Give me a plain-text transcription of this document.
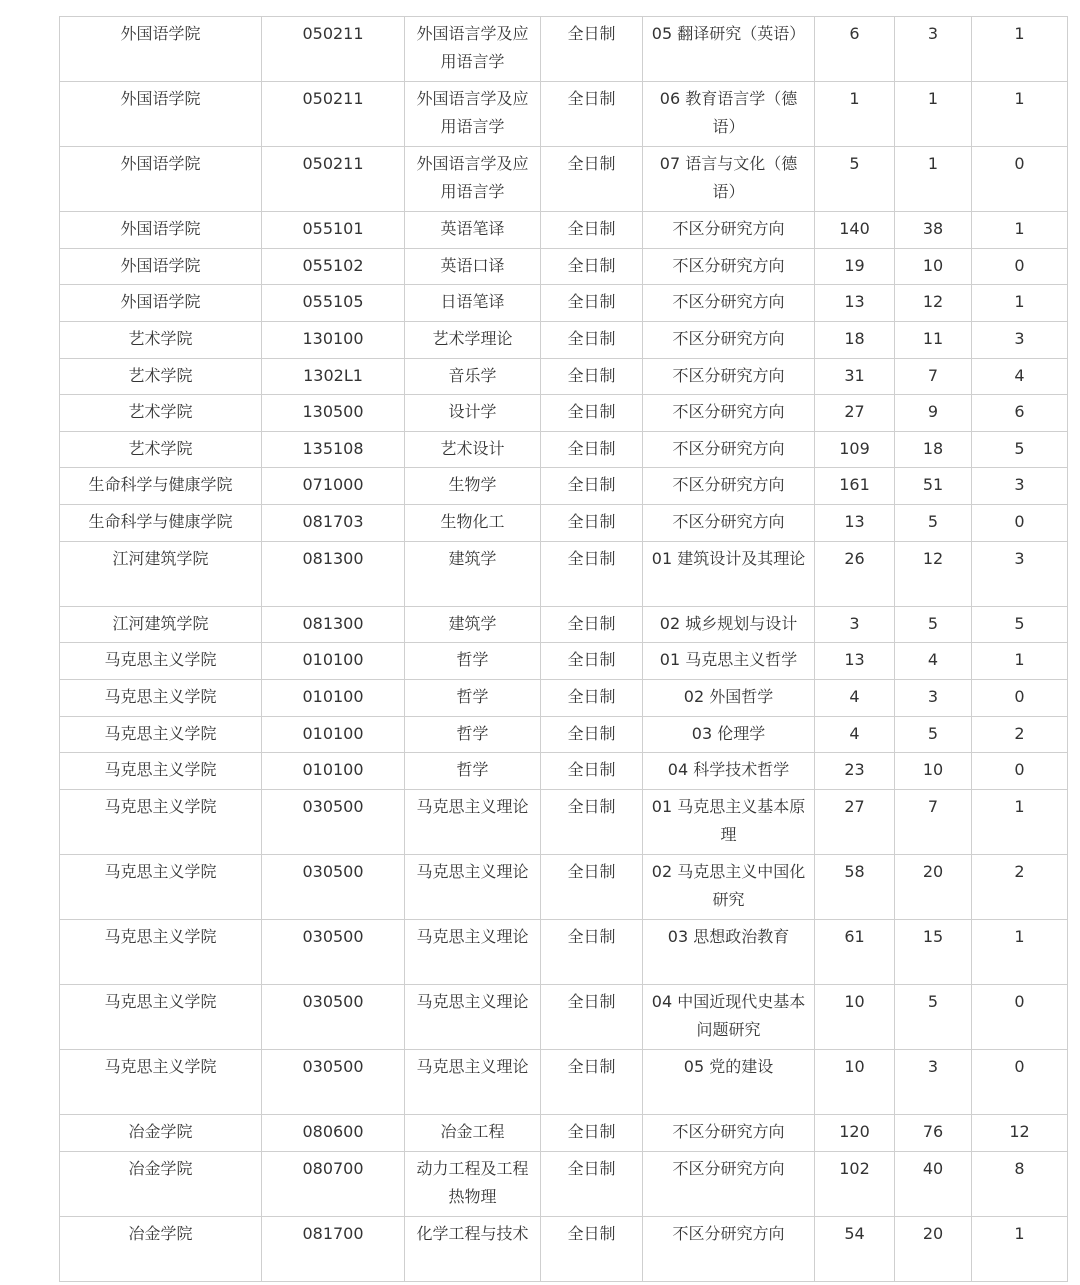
外国语学院	050211	外国语言学及应用语言学	全日制	05 翻译研究（英语）	6	3	1
外国语学院	050211	外国语言学及应用语言学	全日制	06 教育语言学（德语）	1	1	1
外国语学院	050211	外国语言学及应用语言学	全日制	07 语言与文化（德语）	5	1	0
外国语学院	055101	英语笔译	全日制	不区分研究方向	140	38	1
外国语学院	055102	英语口译	全日制	不区分研究方向	19	10	0
外国语学院	055105	日语笔译	全日制	不区分研究方向	13	12	1
艺术学院	130100	艺术学理论	全日制	不区分研究方向	18	11	3
艺术学院	1302L1	音乐学	全日制	不区分研究方向	31	7	4
艺术学院	130500	设计学	全日制	不区分研究方向	27	9	6
艺术学院	135108	艺术设计	全日制	不区分研究方向	109	18	5
生命科学与健康学院	071000	生物学	全日制	不区分研究方向	161	51	3
生命科学与健康学院	081703	生物化工	全日制	不区分研究方向	13	5	0
江河建筑学院	081300	建筑学	全日制	01 建筑设计及其理论	26	12	3
江河建筑学院	081300	建筑学	全日制	02 城乡规划与设计	3	5	5
马克思主义学院	010100	哲学	全日制	01 马克思主义哲学	13	4	1
马克思主义学院	010100	哲学	全日制	02 外国哲学	4	3	0
马克思主义学院	010100	哲学	全日制	03 伦理学	4	5	2
马克思主义学院	010100	哲学	全日制	04 科学技术哲学	23	10	0
马克思主义学院	030500	马克思主义理论	全日制	01 马克思主义基本原理	27	7	1
马克思主义学院	030500	马克思主义理论	全日制	02 马克思主义中国化研究	58	20	2
马克思主义学院	030500	马克思主义理论	全日制	03 思想政治教育	61	15	1
马克思主义学院	030500	马克思主义理论	全日制	04 中国近现代史基本问题研究	10	5	0
马克思主义学院	030500	马克思主义理论	全日制	05 党的建设	10	3	0
冶金学院	080600	冶金工程	全日制	不区分研究方向	120	76	12
冶金学院	080700	动力工程及工程热物理	全日制	不区分研究方向	102	40	8
冶金学院	081700	化学工程与技术	全日制	不区分研究方向	54	20	1
